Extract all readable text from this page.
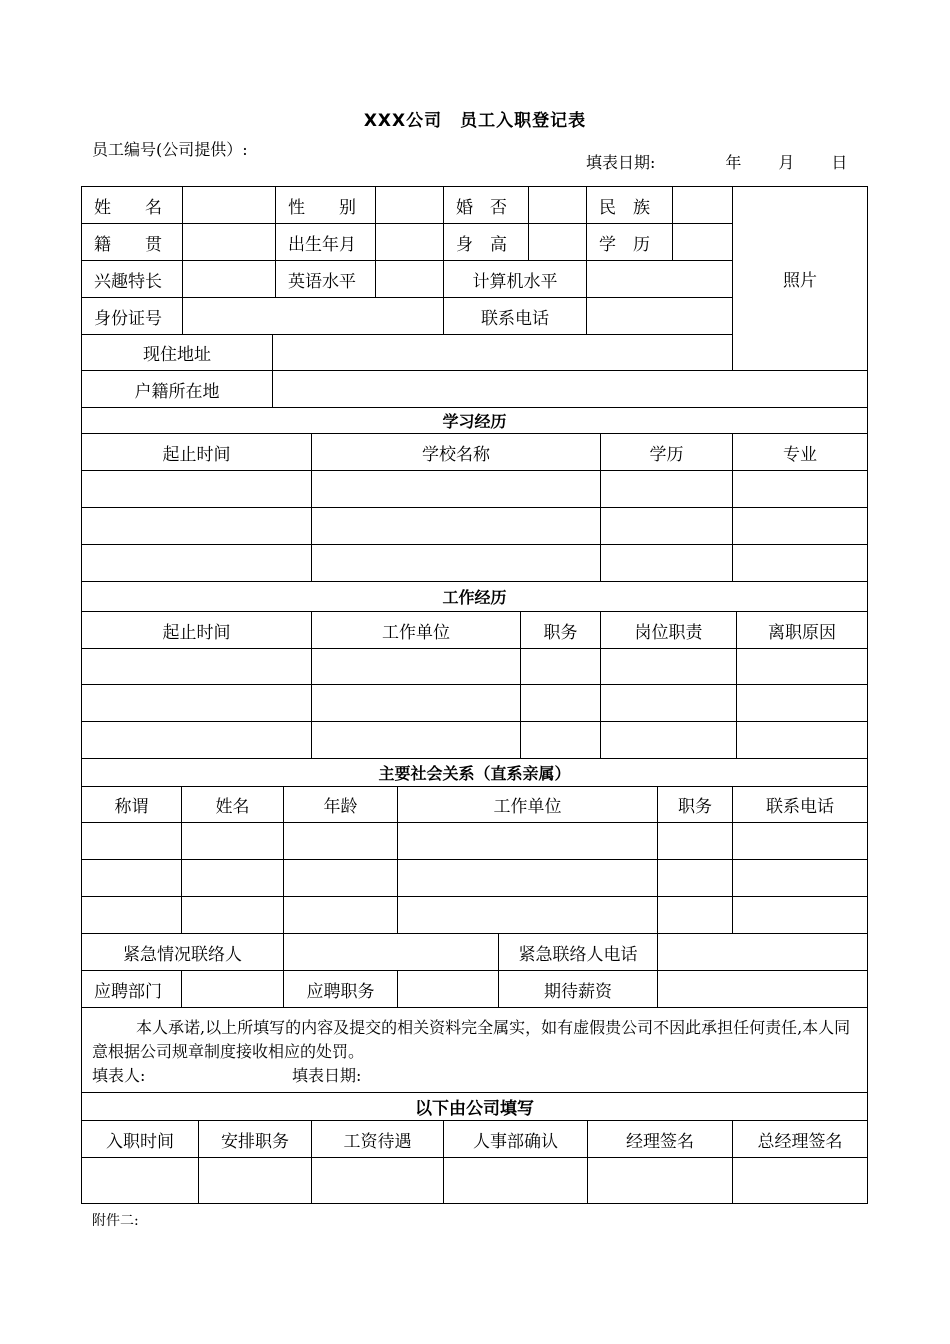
XXX公司　员工入职登记表
员工编号(公司提供）:
填表日期:	年 月 日
姓　　名	性　　别	婚　否	民　族
照片
籍　　贯	出生年月	身　高	学　历
兴趣特长	英语水平	计算机水平
身份证号	联系电话
现住地址
户籍所在地
学习经历
起止时间	学校名称	学历	专业
工作经历
起止时间	工作单位	职务	岗位职责	离职原因
主要社会关系（直系亲属）
称谓	姓名	年龄	工作单位	职务	联系电话
紧急情况联络人	紧急联络人电话
应聘部门	应聘职务	期待薪资
本人承诺,以上所填写的内容及提交的相关资料完全属实，如有虚假贵公司不因此承担任何责任,本人同意根据公司规章制度接收相应的处罚。
填表人:	填表日期:
以下由公司填写
入职时间	安排职务	工资待遇	人事部确认	经理签名	总经理签名
附件二:
